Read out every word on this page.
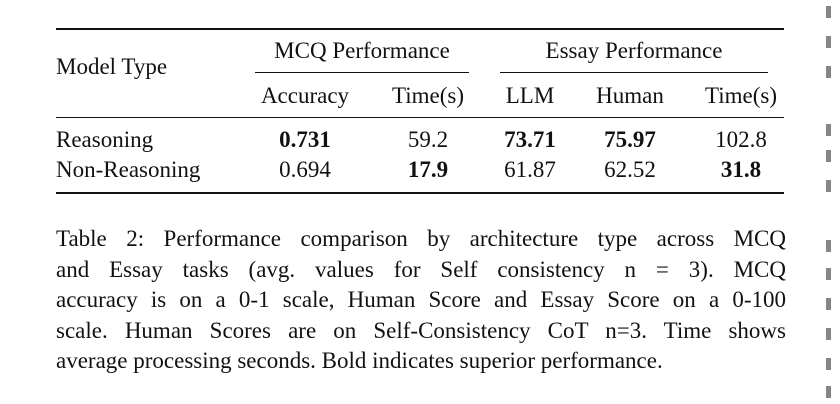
Model Type
MCQ Performance	Essay Performance
Accuracy Time(s) LLM Human Time(s)
Reasoning	0.731	59.2 73.71 75.97	102.8
Non-Reasoning	0.694	17.9 61.87 62.52	31.8

Table 2: Performance comparison by architecture type across MCQ
and Essay tasks (avg. values for Self consistency n = 3). MCQ
accuracy is on a 0-1 scale, Human Score and Essay Score on a 0-100
scale. Human Scores are on Self-Consistency CoT n=3. Time shows
average processing seconds. Bold indicates superior performance.
